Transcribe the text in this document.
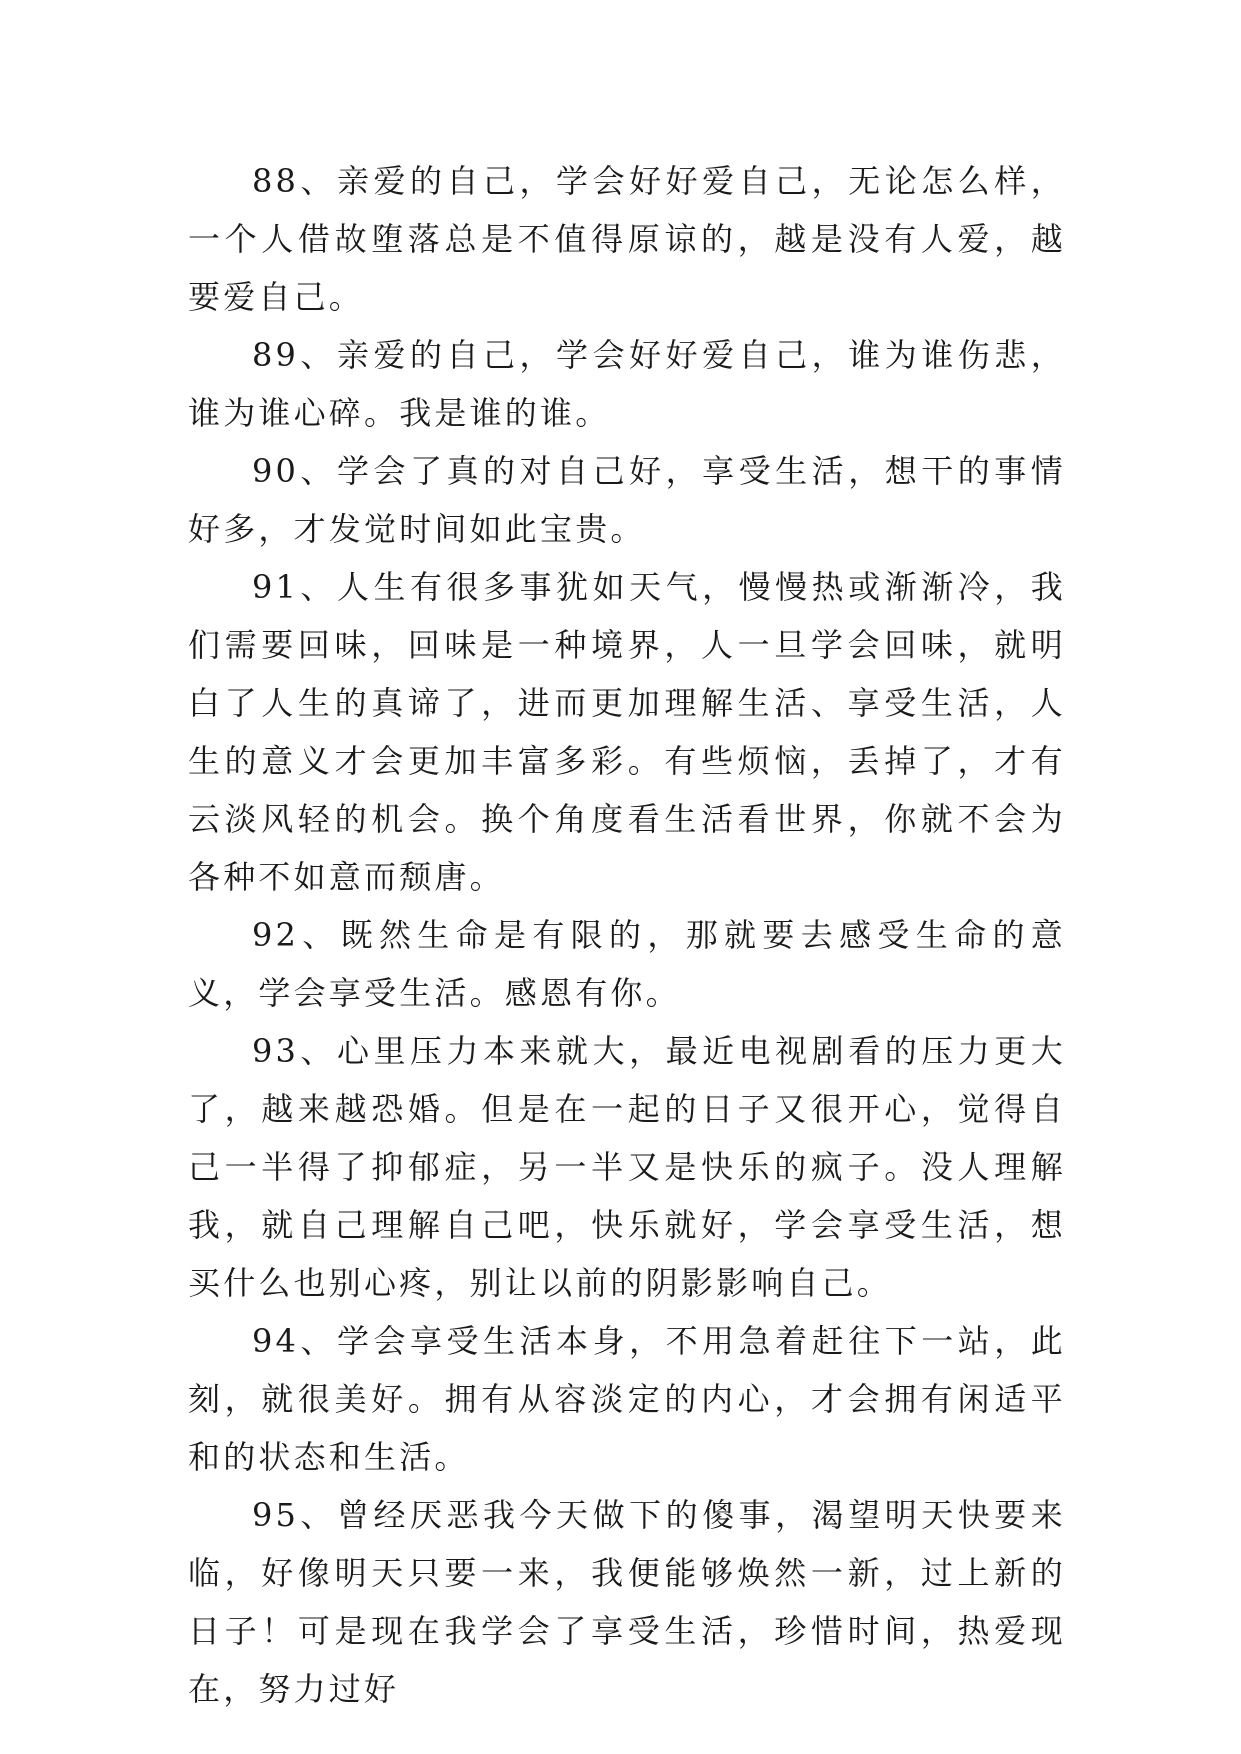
88、亲爱的自己，学会好好爱自己，无论怎么样，一个人借故堕落总是不值得原谅的，越是没有人爱，越要爱自己。

89、亲爱的自己，学会好好爱自己，谁为谁伤悲，谁为谁心碎。我是谁的谁。

90、学会了真的对自己好，享受生活，想干的事情好多，才发觉时间如此宝贵。

91、人生有很多事犹如天气，慢慢热或渐渐冷，我们需要回味，回味是一种境界，人一旦学会回味，就明白了人生的真谛了，进而更加理解生活、享受生活，人生的意义才会更加丰富多彩。有些烦恼，丢掉了，才有云淡风轻的机会。换个角度看生活看世界，你就不会为各种不如意而颓唐。

92、既然生命是有限的，那就要去感受生命的意义，学会享受生活。感恩有你。

93、心里压力本来就大，最近电视剧看的压力更大了，越来越恐婚。但是在一起的日子又很开心，觉得自己一半得了抑郁症，另一半又是快乐的疯子。没人理解我，就自己理解自己吧，快乐就好，学会享受生活，想买什么也别心疼，别让以前的阴影影响自己。

94、学会享受生活本身，不用急着赶往下一站，此刻，就很美好。拥有从容淡定的内心，才会拥有闲适平和的状态和生活。

95、曾经厌恶我今天做下的傻事，渴望明天快要来临，好像明天只要一来，我便能够焕然一新，过上新的日子！可是现在我学会了享受生活，珍惜时间，热爱现在，努力过好
